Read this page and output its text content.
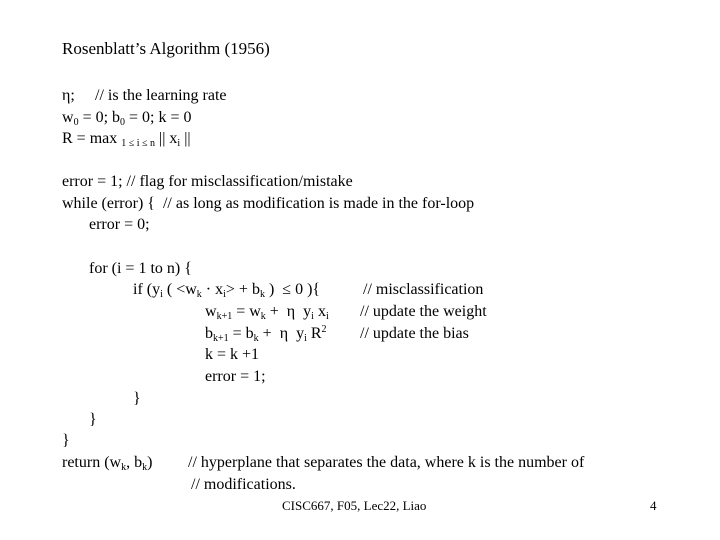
Rosenblatt’s Algorithm (1956)
η; // is the learning rate
$w_0 = 0$; $b_0 = 0$; k = 0
R = max 1 ≤ i ≤ n || $x_i$ ||
error = 1; // flag for misclassification/mistake
while (error) {  // as long as modification is made in the for-loop
error = 0;
for (i = 1 to n) {
if ($y_i$ ( $<w_k \cdot x_i> + b_k$ )  ≤ 0 ){	// misclassification
$w_{k+1} = w_k + \eta$  $y_i$ $x_i$ // update the weight
$b_{k+1} = b_k + \eta$  $y_i$ $R^2$ // update the bias
k = k +1
error = 1;
}
}
}
return ($w_k$, $b_k$) // hyperplane that separates the data, where k is the number of
// modifications.
CISC667, F05, Lec22, Liao	4
